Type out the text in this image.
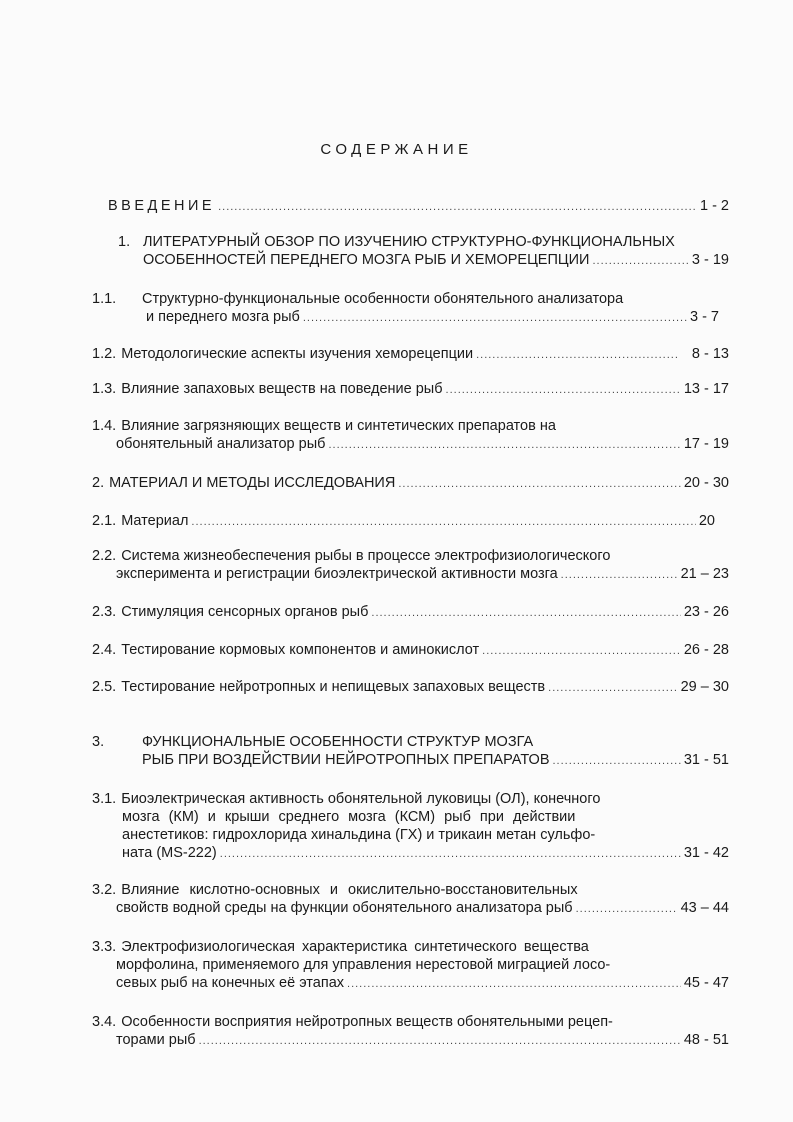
СОДЕРЖАНИЕ
ВВЕДЕНИЕ .....	1 - 2
1. ЛИТЕРАТУРНЫЙ ОБЗОР ПО ИЗУЧЕНИЮ СТРУКТУРНО-ФУНКЦИОНАЛЬНЫХ
ОСОБЕННОСТЕЙ ПЕРЕДНЕГО МОЗГА РЫБ И ХЕМОРЕЦЕПЦИИ .....	3 - 19
1.1.	Структурно-функциональные особенности обонятельного анализатора
и переднего мозга рыб .....	3 - 7
1.2. Методологические аспекты изучения хеморецепции .....	8 - 13
1.3. Влияние запаховых веществ на поведение рыб .....	13 - 17
1.4. Влияние загрязняющих веществ и синтетических препаратов на
обонятельный анализатор рыб .....	17 - 19
2. МАТЕРИАЛ И МЕТОДЫ ИССЛЕДОВАНИЯ .....	20 - 30
2.1. Материал .....	20
2.2. Система жизнеобеспечения рыбы в процессе электрофизиологического
эксперимента и регистрации биоэлектрической активности мозга .....	21 – 23
2.3. Стимуляция сенсорных органов рыб .....	23 - 26
2.4. Тестирование кормовых компонентов и аминокислот .....	26 - 28
2.5. Тестирование нейротропных и непищевых запаховых веществ .....	29 – 30
3.	ФУНКЦИОНАЛЬНЫЕ ОСОБЕННОСТИ СТРУКТУР МОЗГА
РЫБ ПРИ ВОЗДЕЙСТВИИ НЕЙРОТРОПНЫХ ПРЕПАРАТОВ .....	31 - 51
3.1. Биоэлектрическая активность обонятельной луковицы (ОЛ), конечного
мозга (КМ) и крыши среднего мозга (КСМ) рыб при действии
анестетиков: гидрохлорида хинальдина (ГХ) и трикаин метан сульфо-
ната (MS-222) .....	31 - 42
3.2. Влияние кислотно-основных и окислительно-восстановительных
свойств водной среды на функции обонятельного анализатора рыб .....	43 – 44
3.3. Электрофизиологическая характеристика синтетического вещества
морфолина, применяемого для управления нерестовой миграцией лосо-
севых рыб на конечных её этапах .....	45 - 47
3.4. Особенности восприятия нейротропных веществ обонятельными рецеп-
торами рыб .....	48 - 51
